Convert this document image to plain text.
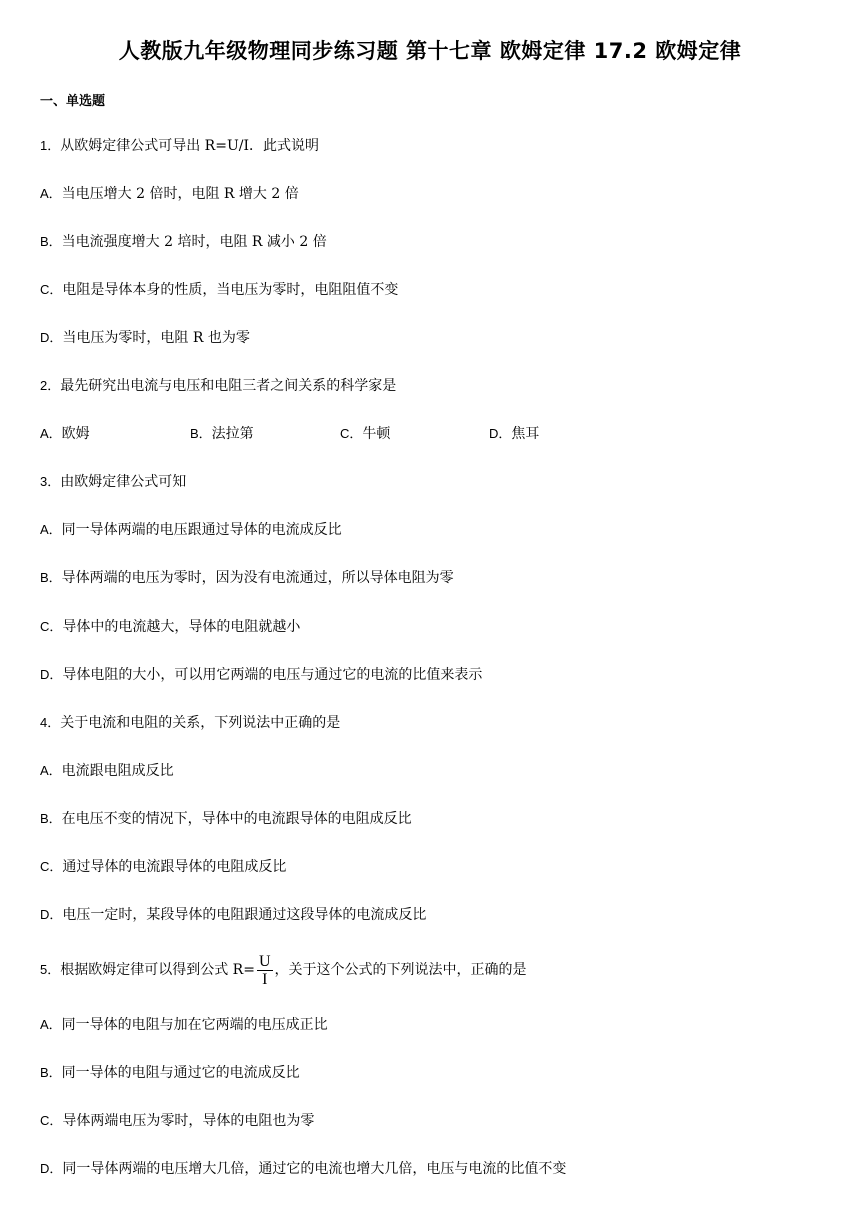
人教版九年级物理同步练习题 第十七章 欧姆定律 17.2 欧姆定律
一、单选题
1．从欧姆定律公式可导出 R=U/I．此式说明
A．当电压增大 2 倍时，电阻 R 增大 2 倍
B．当电流强度增大 2 培时，电阻 R 减小 2 倍
C．电阻是导体本身的性质，当电压为零时，电阻阻值不变
D．当电压为零时，电阻 R 也为零
2．最先研究出电流与电压和电阻三者之间关系的科学家是
A．欧姆	B．法拉第	C．牛顿	D．焦耳
3．由欧姆定律公式可知
A．同一导体两端的电压跟通过导体的电流成反比
B．导体两端的电压为零时，因为没有电流通过，所以导体电阻为零
C．导体中的电流越大，导体的电阻就越小
D．导体电阻的大小，可以用它两端的电压与通过它的电流的比值来表示
4．关于电流和电阻的关系，下列说法中正确的是
A．电流跟电阻成反比
B．在电压不变的情况下，导体中的电流跟导体的电阻成反比
C．通过导体的电流跟导体的电阻成反比
D．电压一定时，某段导体的电阻跟通过这段导体的电流成反比
5．根据欧姆定律可以得到公式 $R= \frac{U}{I}$ ，关于这个公式的下列说法中，正确的是
A．同一导体的电阻与加在它两端的电压成正比
B．同一导体的电阻与通过它的电流成反比
C．导体两端电压为零时，导体的电阻也为零
D．同一导体两端的电压增大几倍，通过它的电流也增大几倍，电压与电流的比值不变
